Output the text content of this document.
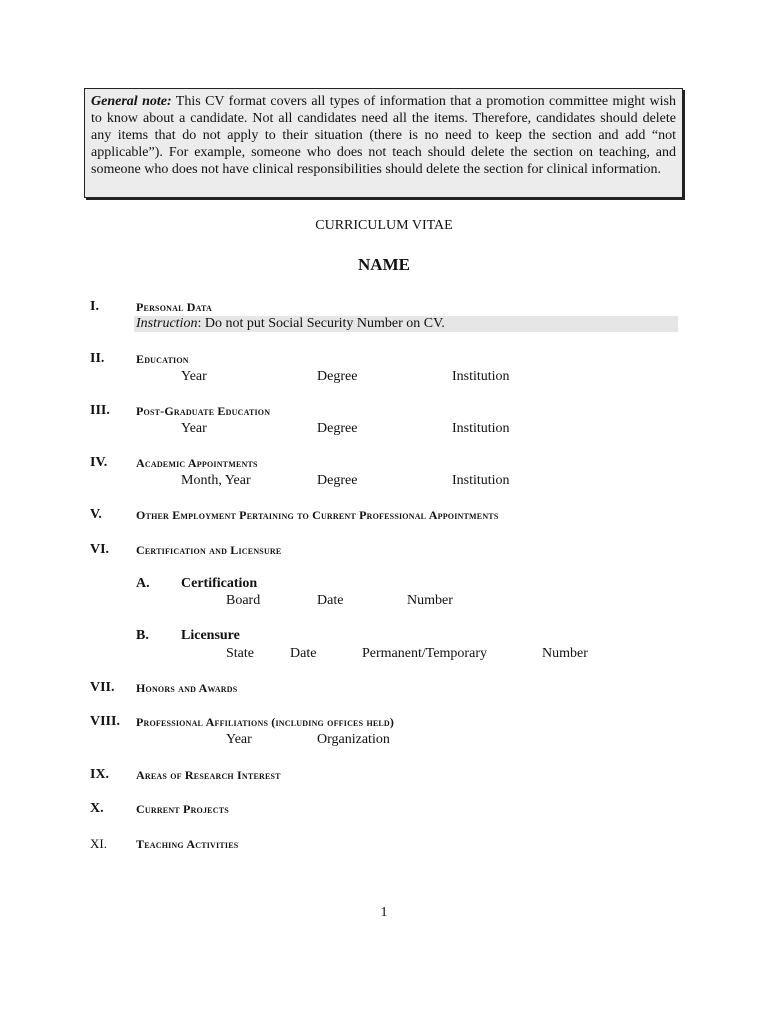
General note: This CV format covers all types of information that a promotion committee might wish to know about a candidate. Not all candidates need all the items. Therefore, candidates should delete any items that do not apply to their situation (there is no need to keep the section and add “not applicable”). For example, someone who does not teach should delete the section on teaching, and someone who does not have clinical responsibilities should delete the section for clinical information.
CURRICULUM VITAE
NAME
I.	Personal Data
Instruction: Do not put Social Security Number on CV.
II.	Education
Year	Degree	Institution
III. Post-Graduate Education
Year	Degree	Institution
IV. Academic Appointments
Month, Year	Degree	Institution
V.	Other Employment Pertaining to Current Professional Appointments
VI. Certification and Licensure
A. Certification
Board	Date	Number
B. Licensure
State	Date	Permanent/Temporary	Number
VII. Honors and Awards
VIII. Professional Affiliations (including offices held)
Year	Organization
IX. Areas of Research Interest
X.	Current Projects
XI. Teaching Activities
1
